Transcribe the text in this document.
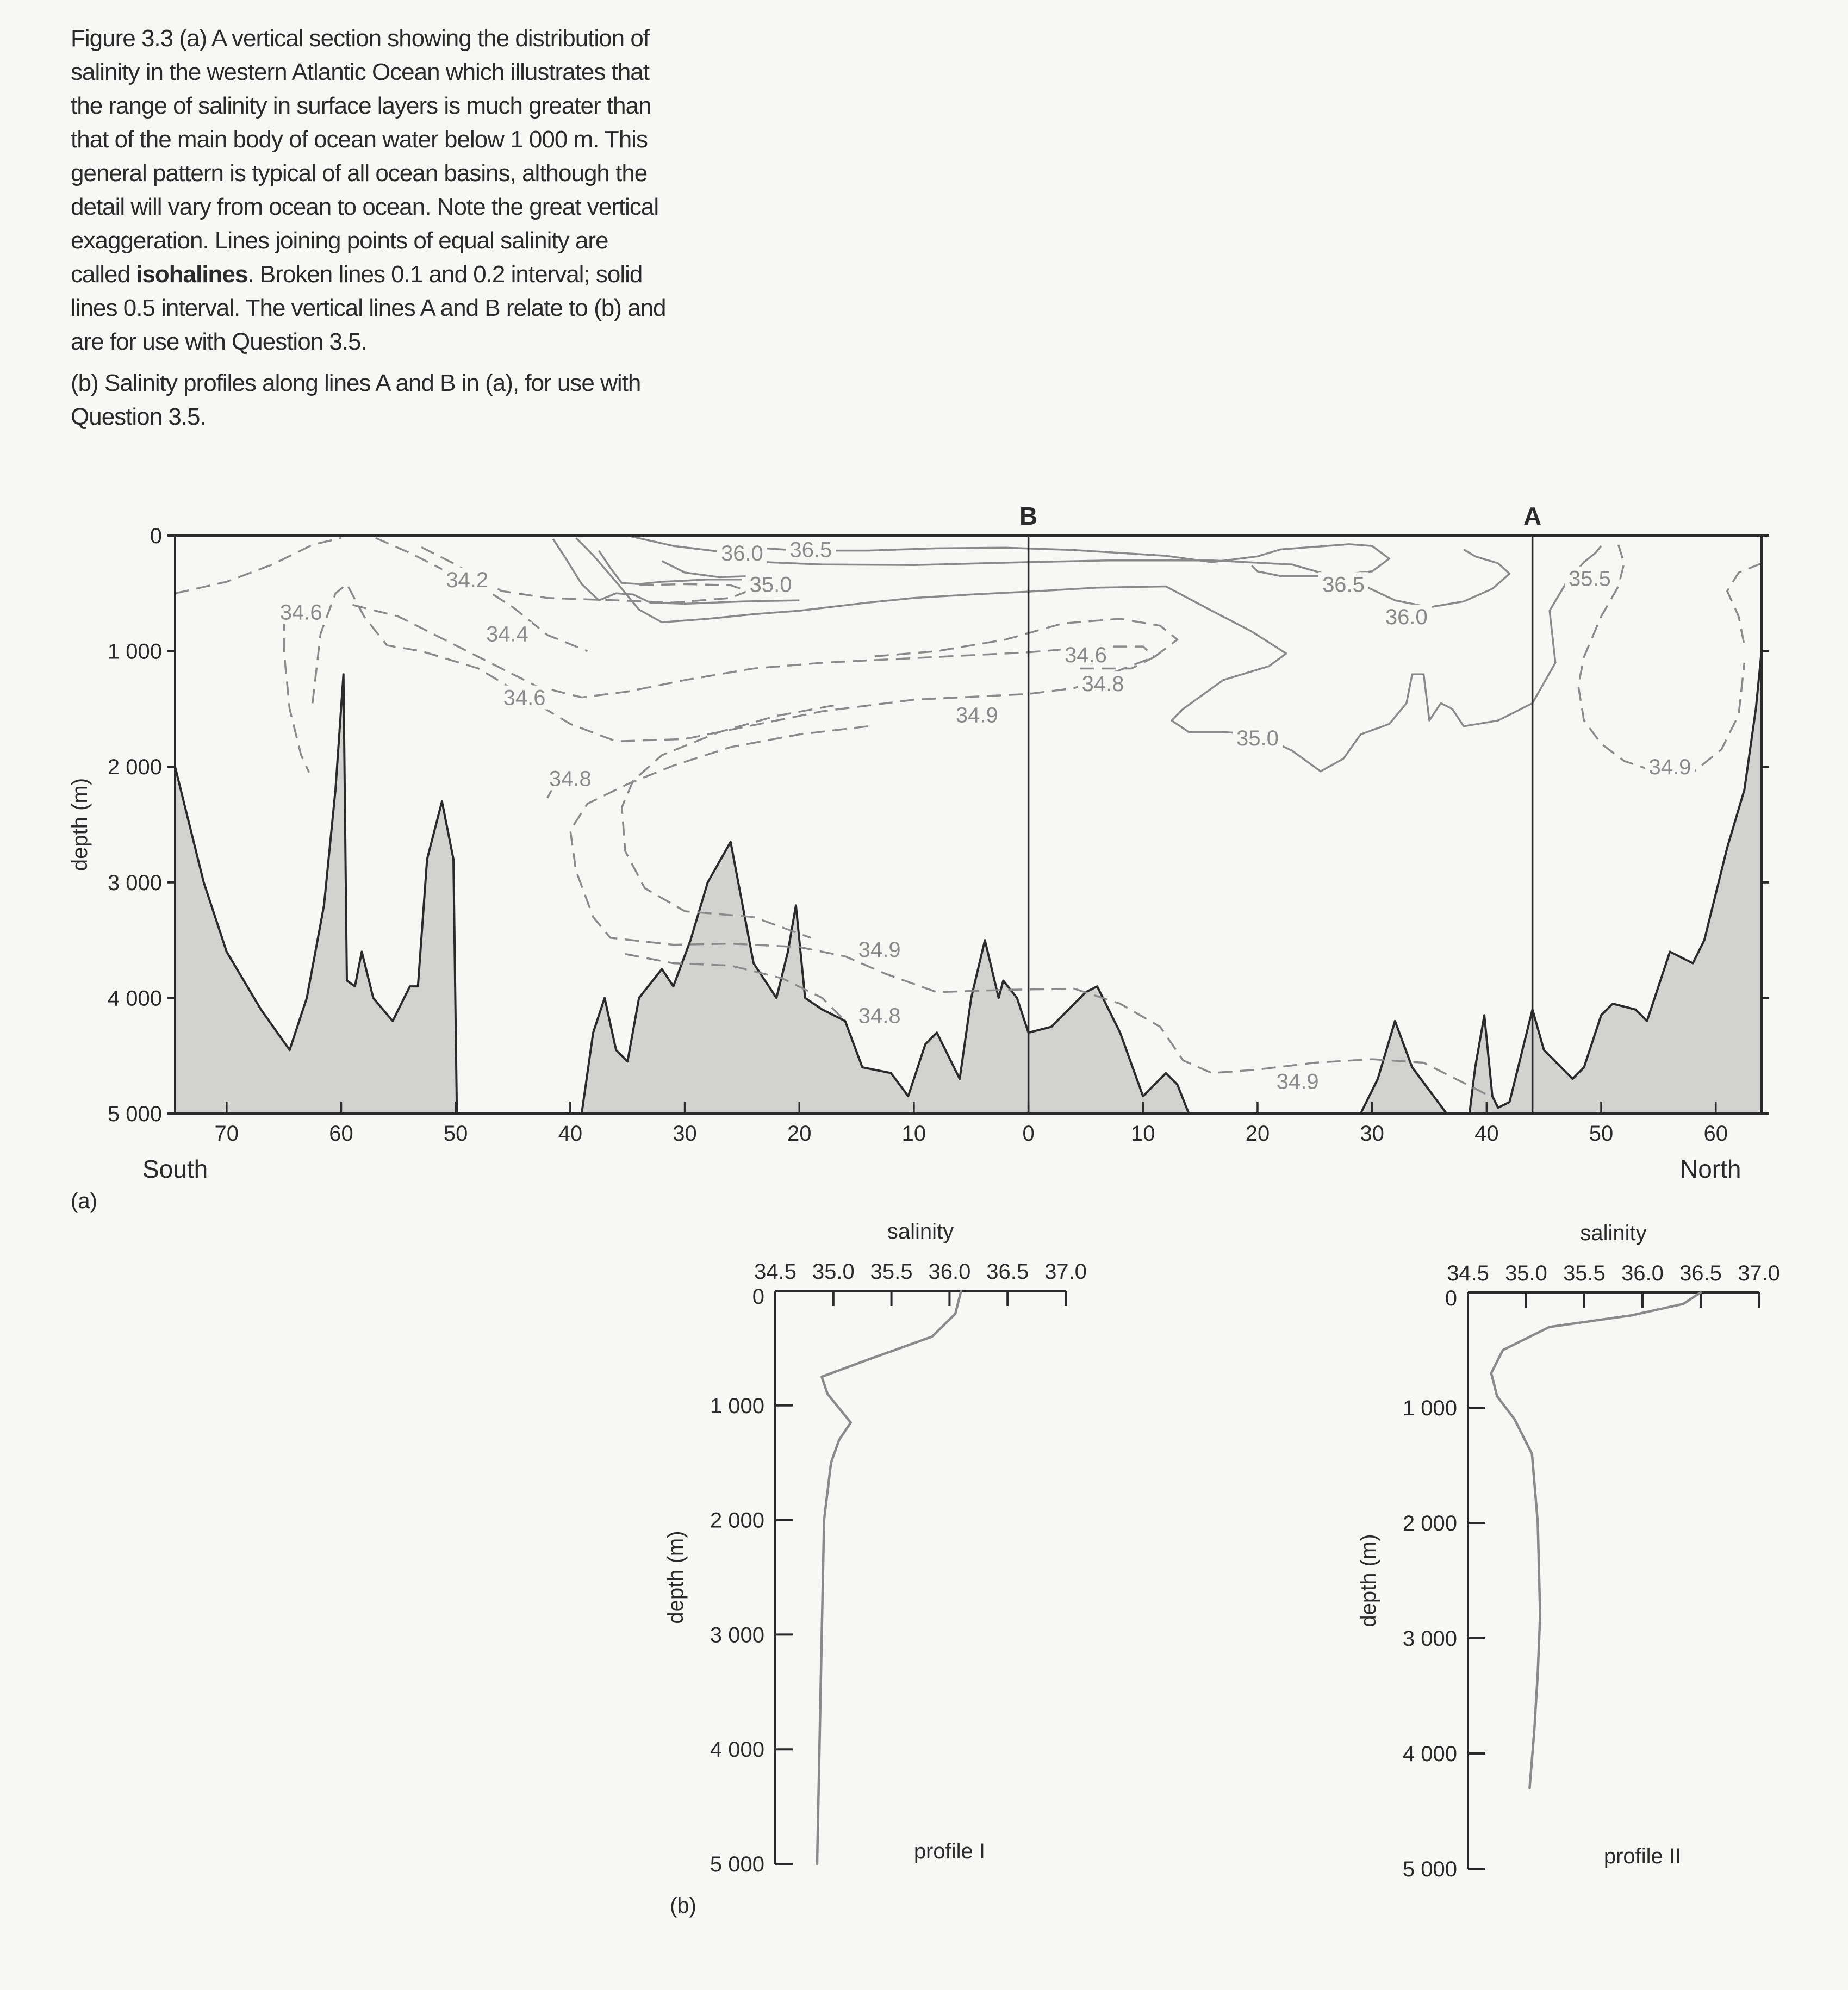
Figure 3.3 (a) A vertical section showing the distribution of salinity in the western Atlantic Ocean which illustrates that the range of salinity in surface layers is much greater than that of the main body of ocean water below 1 000 m. This general pattern is typical of all ocean basins, although the detail will vary from ocean to ocean. Note the great vertical exaggeration. Lines joining points of equal salinity are called isohalines. Broken lines 0.1 and 0.2 interval; solid lines 0.5 interval. The vertical lines A and B relate to (b) and are for use with Question 3.5.

(b) Salinity profiles along lines A and B in (a), for use with Question 3.5.

36.0 36.5
35.0
34.2
34.6
34.4
34.6
34.8
34.6
34.8
34.9
35.0
36.5
36.0
35.5
34.9
34.9
34.8
34.9
B	A
0
1 000
2 000
3 000
4 000
5 000
70	60	50	40	30	20	10	0	10	20	30	40	50	60
South	North
depth (m)
(a)
34.5 35.0 35.5 36.0 36.5 37.0
salinity
0
1 000
2 000
3 000
4 000
5 000
depth (m)
profile I
34.5 35.0 35.5 36.0 36.5 37.0
salinity
0
1 000
2 000
3 000
4 000
5 000
depth (m)
profile II
(b)
